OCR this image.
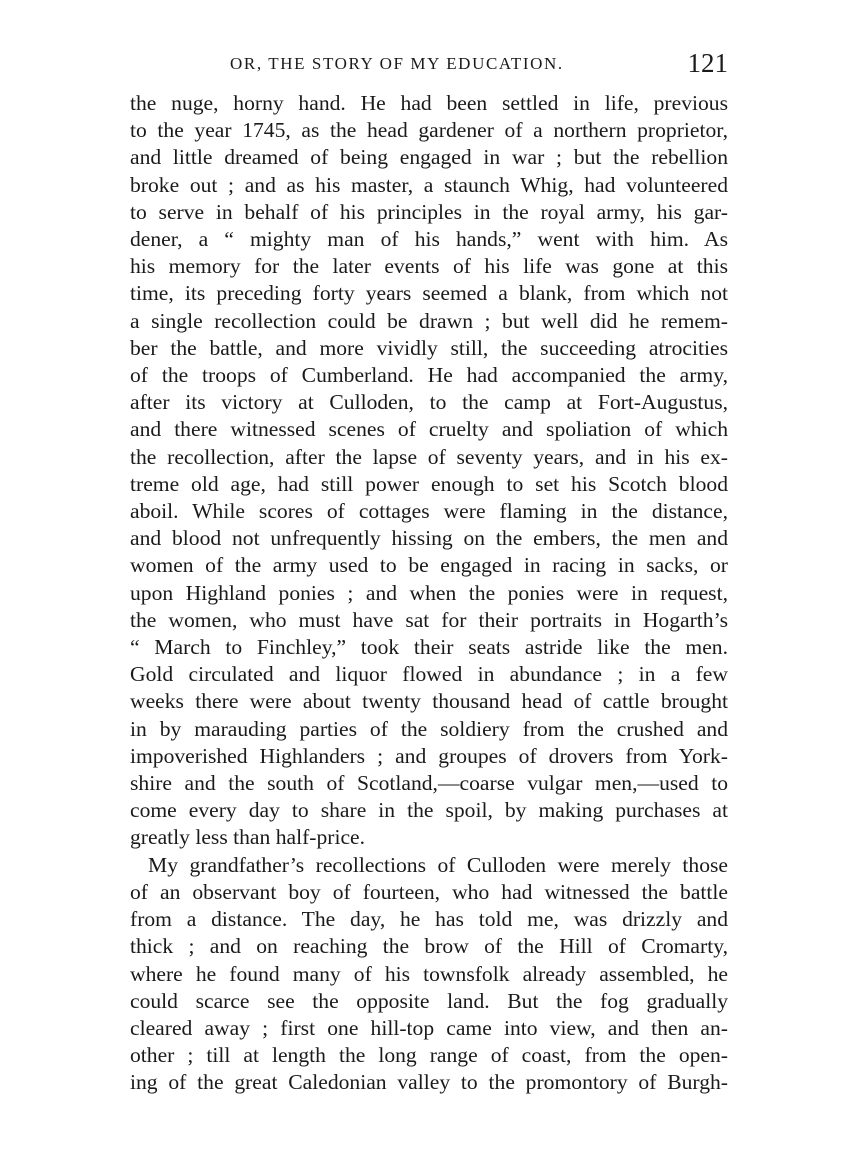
OR, THE STORY OF MY EDUCATION.	121
the nuge, horny hand. He had been settled in life, previous
to the year 1745, as the head gardener of a northern proprietor,
and little dreamed of being engaged in war ; but the rebellion
broke out ; and as his master, a staunch Whig, had volunteered
to serve in behalf of his principles in the royal army, his gar-
dener, a “ mighty man of his hands,” went with him. As
his memory for the later events of his life was gone at this
time, its preceding forty years seemed a blank, from which not
a single recollection could be drawn ; but well did he remem-
ber the battle, and more vividly still, the succeeding atrocities
of the troops of Cumberland. He had accompanied the army,
after its victory at Culloden, to the camp at Fort-Augustus,
and there witnessed scenes of cruelty and spoliation of which
the recollection, after the lapse of seventy years, and in his ex-
treme old age, had still power enough to set his Scotch blood
aboil. While scores of cottages were flaming in the distance,
and blood not unfrequently hissing on the embers, the men and
women of the army used to be engaged in racing in sacks, or
upon Highland ponies ; and when the ponies were in request,
the women, who must have sat for their portraits in Hogarth’s
“ March to Finchley,” took their seats astride like the men.
Gold circulated and liquor flowed in abundance ; in a few
weeks there were about twenty thousand head of cattle brought
in by marauding parties of the soldiery from the crushed and
impoverished Highlanders ; and groupes of drovers from York-
shire and the south of Scotland,—coarse vulgar men,—used to
come every day to share in the spoil, by making purchases at
greatly less than half-price.
My grandfather’s recollections of Culloden were merely those
of an observant boy of fourteen, who had witnessed the battle
from a distance. The day, he has told me, was drizzly and
thick ; and on reaching the brow of the Hill of Cromarty,
where he found many of his townsfolk already assembled, he
could scarce see the opposite land. But the fog gradually
cleared away ; first one hill-top came into view, and then an-
other ; till at length the long range of coast, from the open-
ing of the great Caledonian valley to the promontory of Burgh-
